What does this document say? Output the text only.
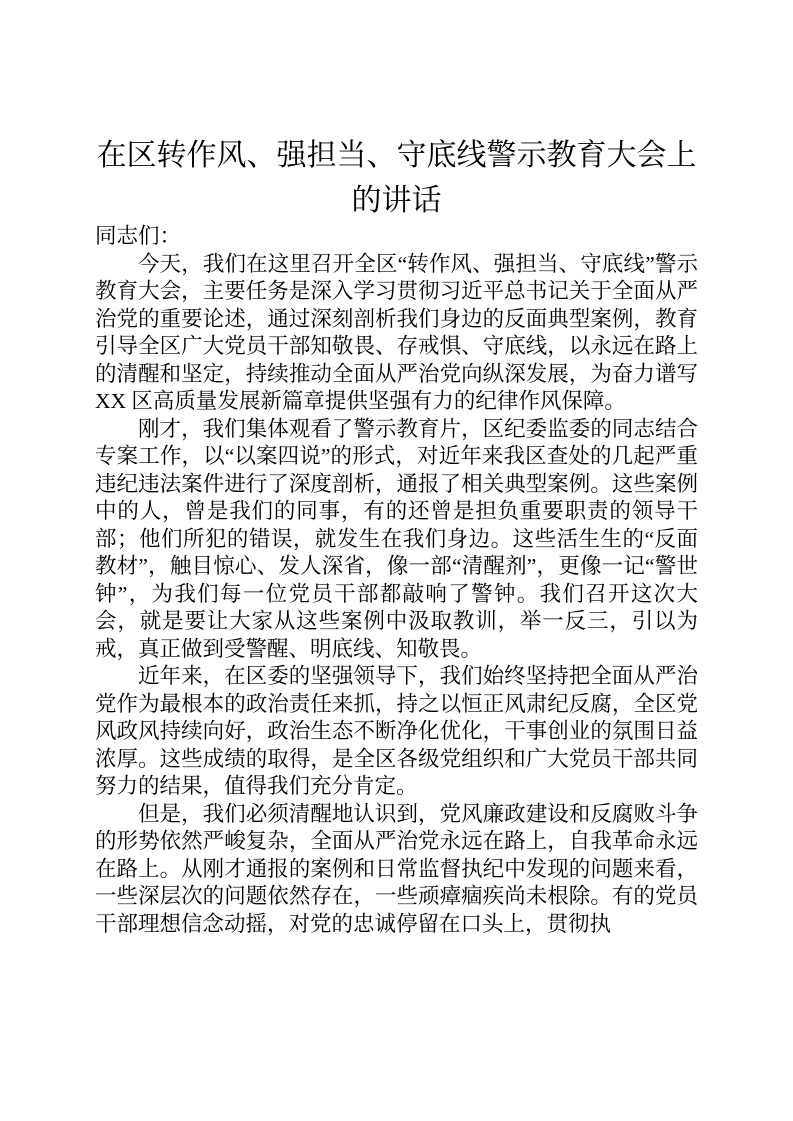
在区转作风、强担当、守底线警示教育大会上的讲话

同志们：

今天，我们在这里召开全区“转作风、强担当、守底线”警示教育大会，主要任务是深入学习贯彻习近平总书记关于全面从严治党的重要论述，通过深刻剖析我们身边的反面典型案例，教育引导全区广大党员干部知敬畏、存戒惧、守底线，以永远在路上的清醒和坚定，持续推动全面从严治党向纵深发展，为奋力谱写 XX 区高质量发展新篇章提供坚强有力的纪律作风保障。

刚才，我们集体观看了警示教育片，区纪委监委的同志结合专案工作，以“以案四说”的形式，对近年来我区查处的几起严重违纪违法案件进行了深度剖析，通报了相关典型案例。这些案例中的人，曾是我们的同事，有的还曾是担负重要职责的领导干部；他们所犯的错误，就发生在我们身边。这些活生生的“反面教材”，触目惊心、发人深省，像一部“清醒剂”，更像一记“警世钟”，为我们每一位党员干部都敲响了警钟。我们召开这次大会，就是要让大家从这些案例中汲取教训，举一反三，引以为戒，真正做到受警醒、明底线、知敬畏。

近年来，在区委的坚强领导下，我们始终坚持把全面从严治党作为最根本的政治责任来抓，持之以恒正风肃纪反腐，全区党风政风持续向好，政治生态不断净化优化，干事创业的氛围日益浓厚。这些成绩的取得，是全区各级党组织和广大党员干部共同努力的结果，值得我们充分肯定。

但是，我们必须清醒地认识到，党风廉政建设和反腐败斗争的形势依然严峻复杂，全面从严治党永远在路上，自我革命永远在路上。从刚才通报的案例和日常监督执纪中发现的问题来看，一些深层次的问题依然存在，一些顽瘴痼疾尚未根除。有的党员干部理想信念动摇，对党的忠诚停留在口头上，贯彻执
